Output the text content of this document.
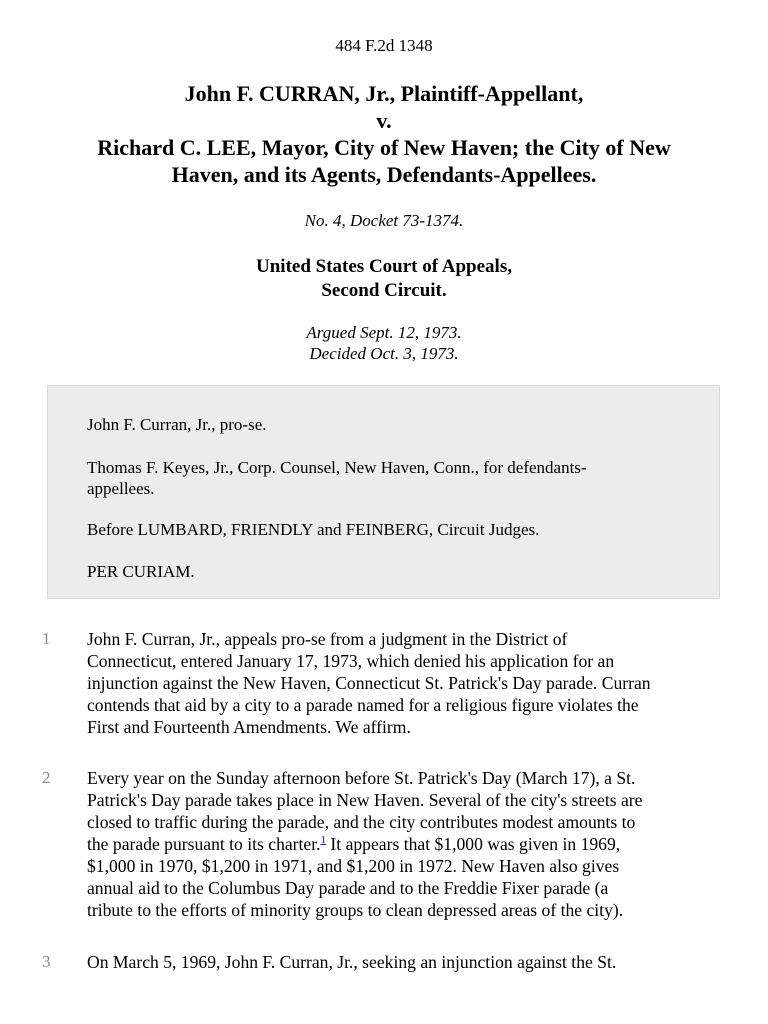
484 F.2d 1348
John F. CURRAN, Jr., Plaintiff-Appellant,
v.
Richard C. LEE, Mayor, City of New Haven; the City of New
Haven, and its Agents, Defendants-Appellees.
No. 4, Docket 73-1374.
United States Court of Appeals,
Second Circuit.
Argued Sept. 12, 1973.
Decided Oct. 3, 1973.

John F. Curran, Jr., pro-se.

Thomas F. Keyes, Jr., Corp. Counsel, New Haven, Conn., for defendants-
appellees.

Before LUMBARD, FRIENDLY and FEINBERG, Circuit Judges.

PER CURIAM.

1	John F. Curran, Jr., appeals pro-se from a judgment in the District of
Connecticut, entered January 17, 1973, which denied his application for an
injunction against the New Haven, Connecticut St. Patrick's Day parade. Curran
contends that aid by a city to a parade named for a religious figure violates the
First and Fourteenth Amendments. We affirm.
2	Every year on the Sunday afternoon before St. Patrick's Day (March 17), a St.
Patrick's Day parade takes place in New Haven. Several of the city's streets are
closed to traffic during the parade, and the city contributes modest amounts to
the parade pursuant to its charter.$^1$ It appears that $1,000 was given in 1969,
$1,000 in 1970, $1,200 in 1971, and $1,200 in 1972. New Haven also gives
annual aid to the Columbus Day parade and to the Freddie Fixer parade (a
tribute to the efforts of minority groups to clean depressed areas of the city).
3	On March 5, 1969, John F. Curran, Jr., seeking an injunction against the St.
